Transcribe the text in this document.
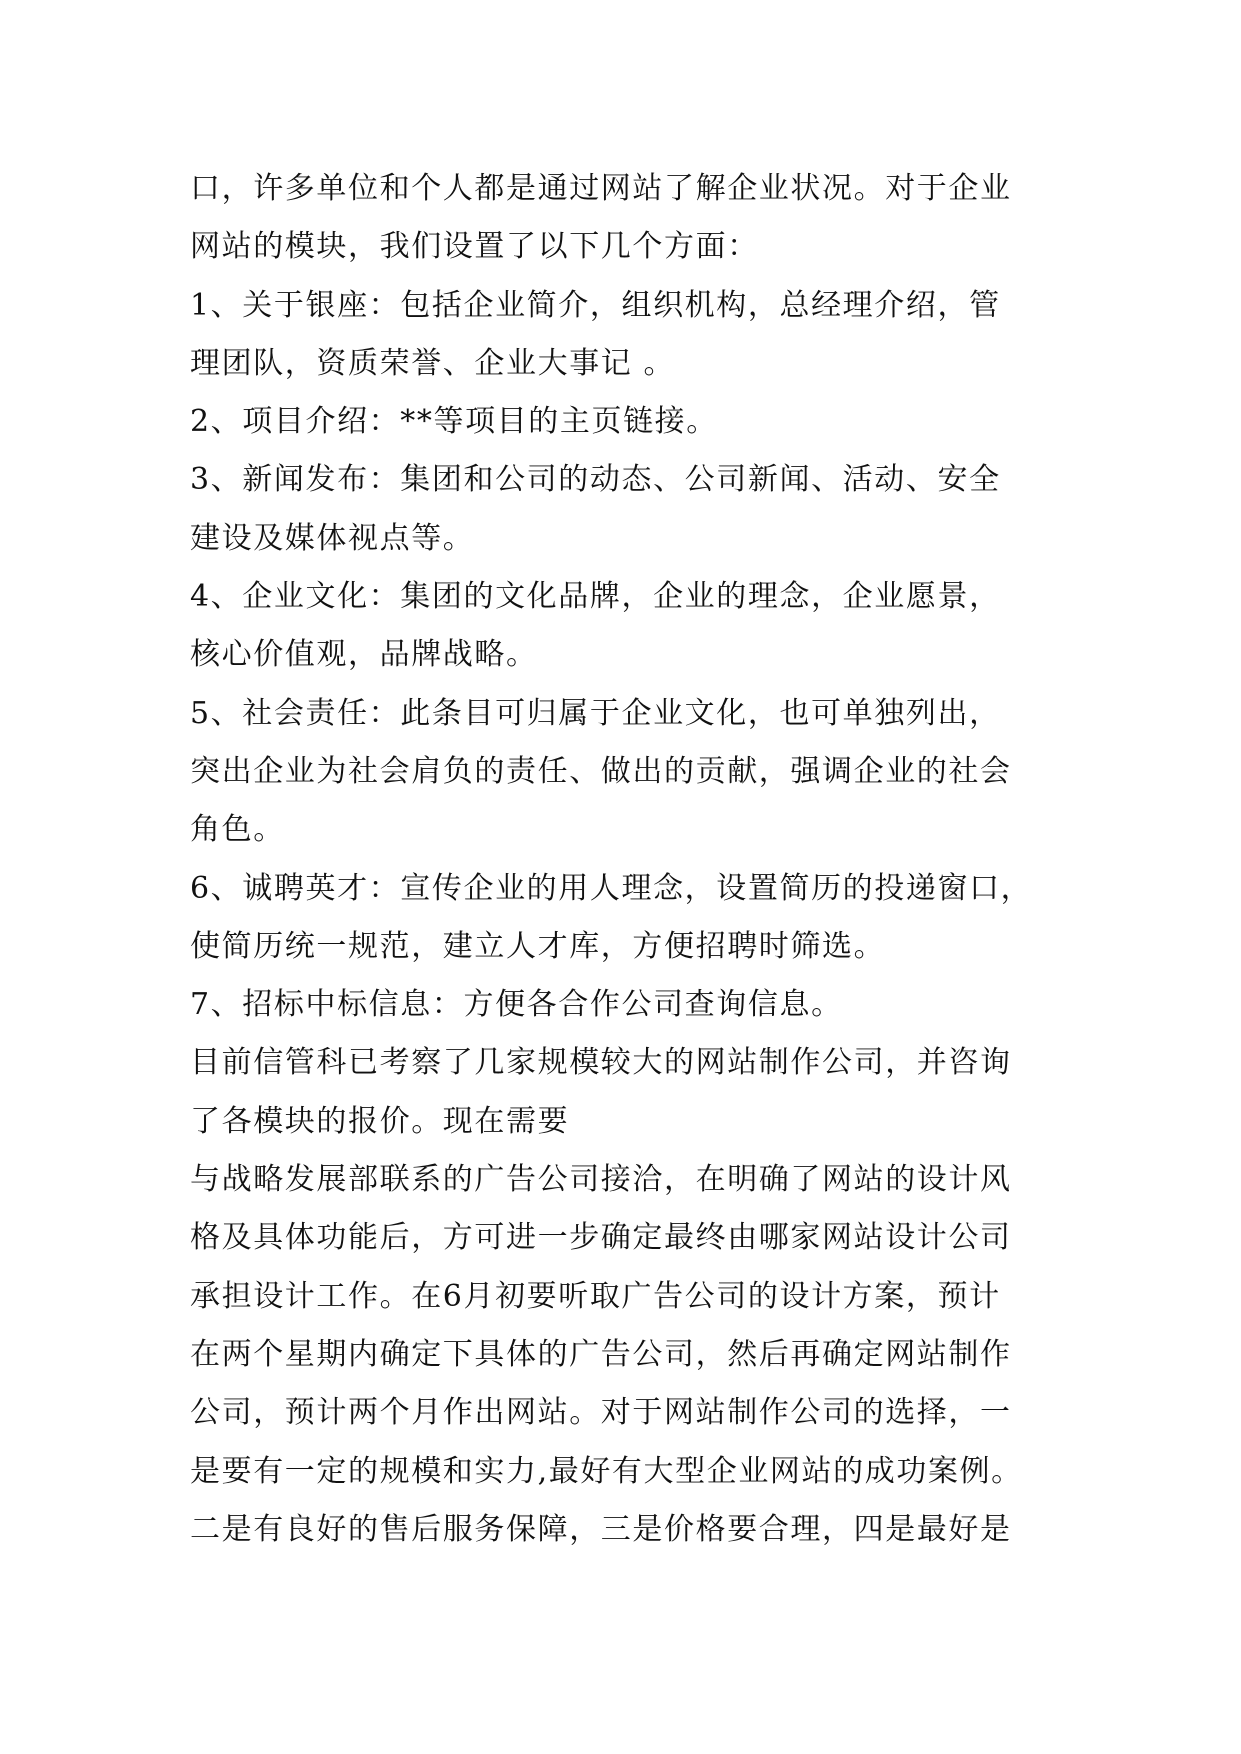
口，许多单位和个人都是通过网站了解企业状况。对于企业
网站的模块，我们设置了以下几个方面：
1、关于银座：包括企业简介，组织机构，总经理介绍，管
理团队，资质荣誉、企业大事记 。
2、项目介绍：**等项目的主页链接。
3、新闻发布：集团和公司的动态、公司新闻、活动、安全
建设及媒体视点等。
4、企业文化：集团的文化品牌，企业的理念，企业愿景，
核心价值观，品牌战略。
5、社会责任：此条目可归属于企业文化，也可单独列出，
突出企业为社会肩负的责任、做出的贡献，强调企业的社会
角色。
6、诚聘英才：宣传企业的用人理念，设置简历的投递窗口，
使简历统一规范，建立人才库，方便招聘时筛选。
7、招标中标信息：方便各合作公司查询信息。
目前信管科已考察了几家规模较大的网站制作公司，并咨询
了各模块的报价。现在需要
与战略发展部联系的广告公司接洽，在明确了网站的设计风
格及具体功能后，方可进一步确定最终由哪家网站设计公司
承担设计工作。在6月初要听取广告公司的设计方案，预计
在两个星期内确定下具体的广告公司，然后再确定网站制作
公司，预计两个月作出网站。对于网站制作公司的选择，一
是要有一定的规模和实力,最好有大型企业网站的成功案例。
二是有良好的售后服务保障，三是价格要合理，四是最好是
